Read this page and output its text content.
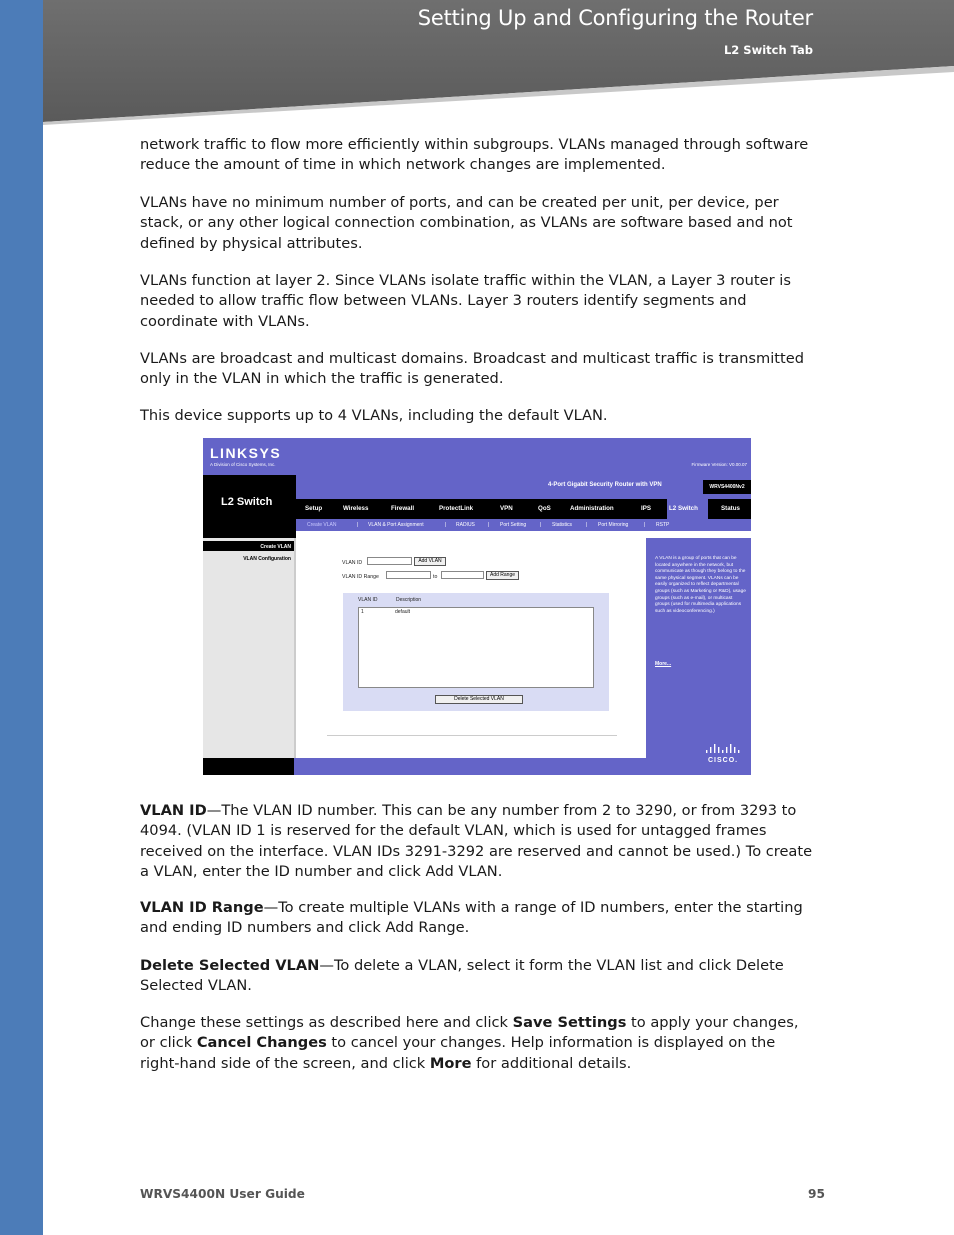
Setting Up and Configuring the Router
L2 Switch Tab

network traffic to flow more efficiently within subgroups. VLANs managed through software reduce the amount of time in which network changes are implemented.

VLANs have no minimum number of ports, and can be created per unit, per device, per stack, or any other logical connection combination, as VLANs are software based and not defined by physical attributes.

VLANs function at layer 2. Since VLANs isolate traffic within the VLAN, a Layer 3 router is needed to allow traffic flow between VLANs. Layer 3 routers identify segments and coordinate with VLANs.

VLANs are broadcast and multicast domains. Broadcast and multicast traffic is transmitted only in the VLAN in which the traffic is generated.

This device supports up to 4 VLANs, including the default VLAN.

LINKSYS
A Division of Cisco Systems, Inc.	Firmware Version: V0.00.07
L2 Switch
4-Port Gigabit Security Router with VPN	WRVS4400Nv2
Setup	Wireless	Firewall	ProtectLink	VPN	QoS	Administration	IPS	L2 Switch	Status
Create VLAN	| VLAN & Port Assignment	| RADIUS	| Port Setting	| Statistics	| Port Mirroring	| RSTP
Create VLAN
VLAN Configuration
VLAN ID	Add VLAN
VLAN ID Range	to	Add Range
VLAN ID	Description
1	default
Delete Selected VLAN
A VLAN is a group of ports that can be located anywhere in the network, but communicate as though they belong to the same physical segment. VLANs can be easily organized to reflect departmental groups (such as Marketing or R&D), usage groups (such as e-mail), or multicast groups (used for multimedia applications such as videoconferencing.)
More...
CISCO.

VLAN ID—The VLAN ID number. This can be any number from 2 to 3290, or from 3293 to 4094. (VLAN ID 1 is reserved for the default VLAN, which is used for untagged frames received on the interface. VLAN IDs 3291-3292 are reserved and cannot be used.) To create a VLAN, enter the ID number and click Add VLAN.

VLAN ID Range—To create multiple VLANs with a range of ID numbers, enter the starting and ending ID numbers and click Add Range.

Delete Selected VLAN—To delete a VLAN, select it form the VLAN list and click Delete Selected VLAN.

Change these settings as described here and click Save Settings to apply your changes, or click Cancel Changes to cancel your changes. Help information is displayed on the right-hand side of the screen, and click More for additional details.

WRVS4400N User Guide	95
